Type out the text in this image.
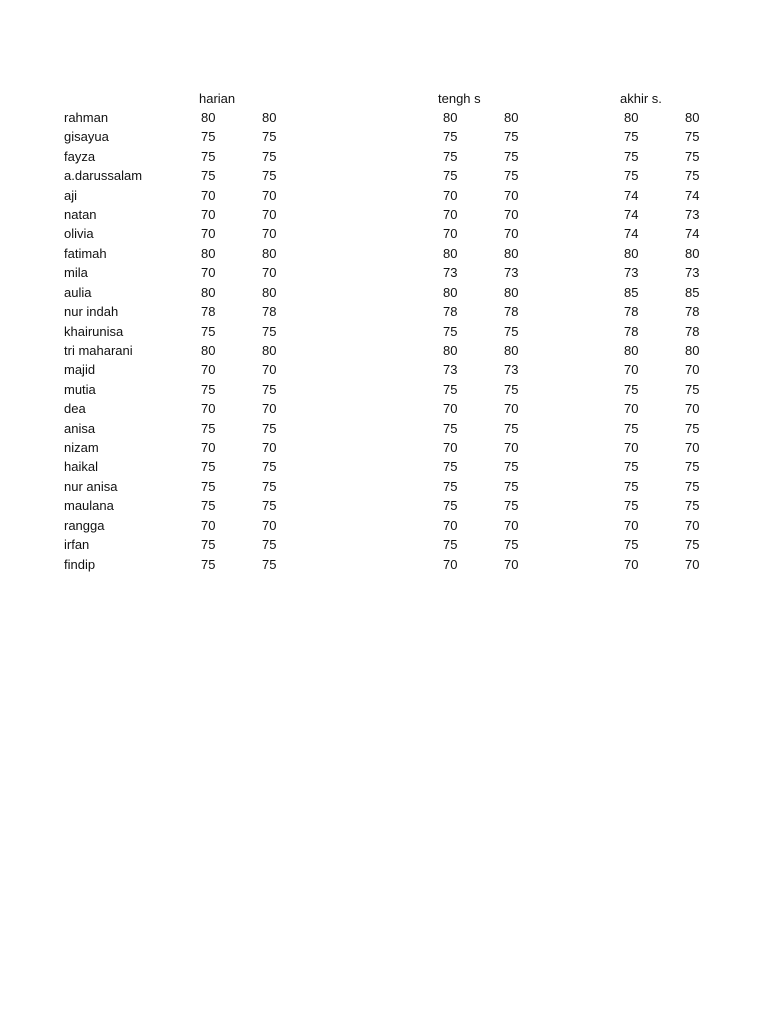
harian	tengh s	akhir s.
rahman	80	80	80	80	80	80
gisayua	75	75	75	75	75	75
fayza	75	75	75	75	75	75
a.darussalam	75	75	75	75	75	75
aji	70	70	70	70	74	74
natan	70	70	70	70	74	73
olivia	70	70	70	70	74	74
fatimah	80	80	80	80	80	80
mila	70	70	73	73	73	73
aulia	80	80	80	80	85	85
nur indah	78	78	78	78	78	78
khairunisa	75	75	75	75	78	78
tri maharani	80	80	80	80	80	80
majid	70	70	73	73	70	70
mutia	75	75	75	75	75	75
dea	70	70	70	70	70	70
anisa	75	75	75	75	75	75
nizam	70	70	70	70	70	70
haikal	75	75	75	75	75	75
nur anisa	75	75	75	75	75	75
maulana	75	75	75	75	75	75
rangga	70	70	70	70	70	70
irfan	75	75	75	75	75	75
findip	75	75	70	70	70	70
